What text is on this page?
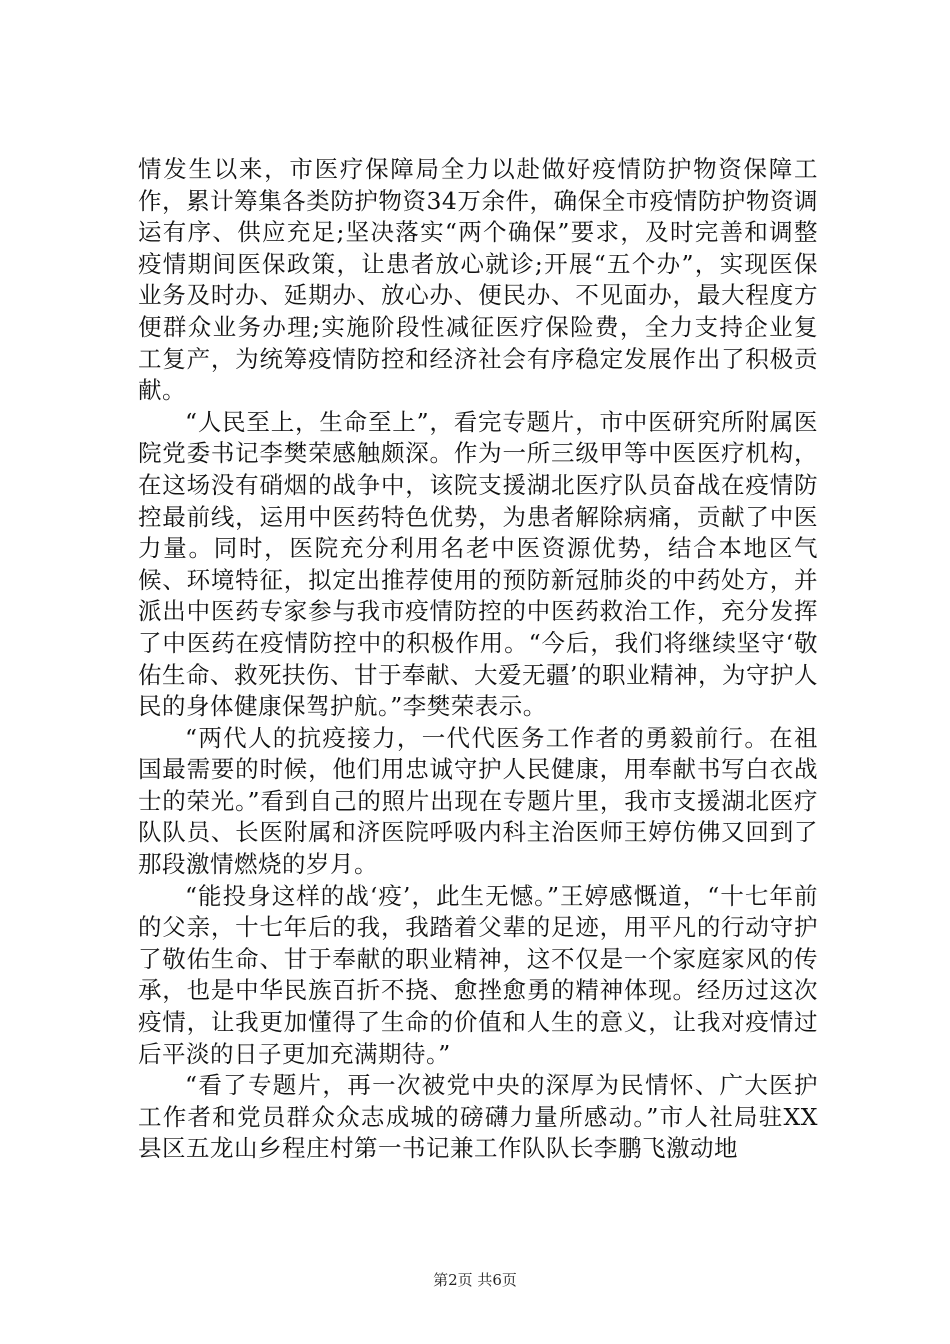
情发生以来，市医疗保障局全力以赴做好疫情防护物资保障工作，累计筹集各类防护物资34万余件，确保全市疫情防护物资调运有序、供应充足;坚决落实“两个确保”要求，及时完善和调整疫情期间医保政策，让患者放心就诊;开展“五个办”，实现医保业务及时办、延期办、放心办、便民办、不见面办，最大程度方便群众业务办理;实施阶段性减征医疗保险费，全力支持企业复工复产，为统筹疫情防控和经济社会有序稳定发展作出了积极贡献。

“人民至上，生命至上”，看完专题片，市中医研究所附属医院党委书记李樊荣感触颇深。作为一所三级甲等中医医疗机构，在这场没有硝烟的战争中，该院支援湖北医疗队员奋战在疫情防控最前线，运用中医药特色优势，为患者解除病痛，贡献了中医力量。同时，医院充分利用名老中医资源优势，结合本地区气候、环境特征，拟定出推荐使用的预防新冠肺炎的中药处方，并派出中医药专家参与我市疫情防控的中医药救治工作，充分发挥了中医药在疫情防控中的积极作用。“今后，我们将继续坚守‘敬佑生命、救死扶伤、甘于奉献、大爱无疆’的职业精神，为守护人民的身体健康保驾护航。”李樊荣表示。

“两代人的抗疫接力，一代代医务工作者的勇毅前行。在祖国最需要的时候，他们用忠诚守护人民健康，用奉献书写白衣战士的荣光。”看到自己的照片出现在专题片里，我市支援湖北医疗队队员、长医附属和济医院呼吸内科主治医师王婷仿佛又回到了那段激情燃烧的岁月。

“能投身这样的战‘疫’，此生无憾。”王婷感慨道，“十七年前的父亲，十七年后的我，我踏着父辈的足迹，用平凡的行动守护了敬佑生命、甘于奉献的职业精神，这不仅是一个家庭家风的传承，也是中华民族百折不挠、愈挫愈勇的精神体现。经历过这次疫情，让我更加懂得了生命的价值和人生的意义，让我对疫情过后平淡的日子更加充满期待。”

“看了专题片，再一次被党中央的深厚为民情怀、广大医护工作者和党员群众众志成城的磅礴力量所感动。”市人社局驻XX县区五龙山乡程庄村第一书记兼工作队队长李鹏飞激动地

第2页 共6页
